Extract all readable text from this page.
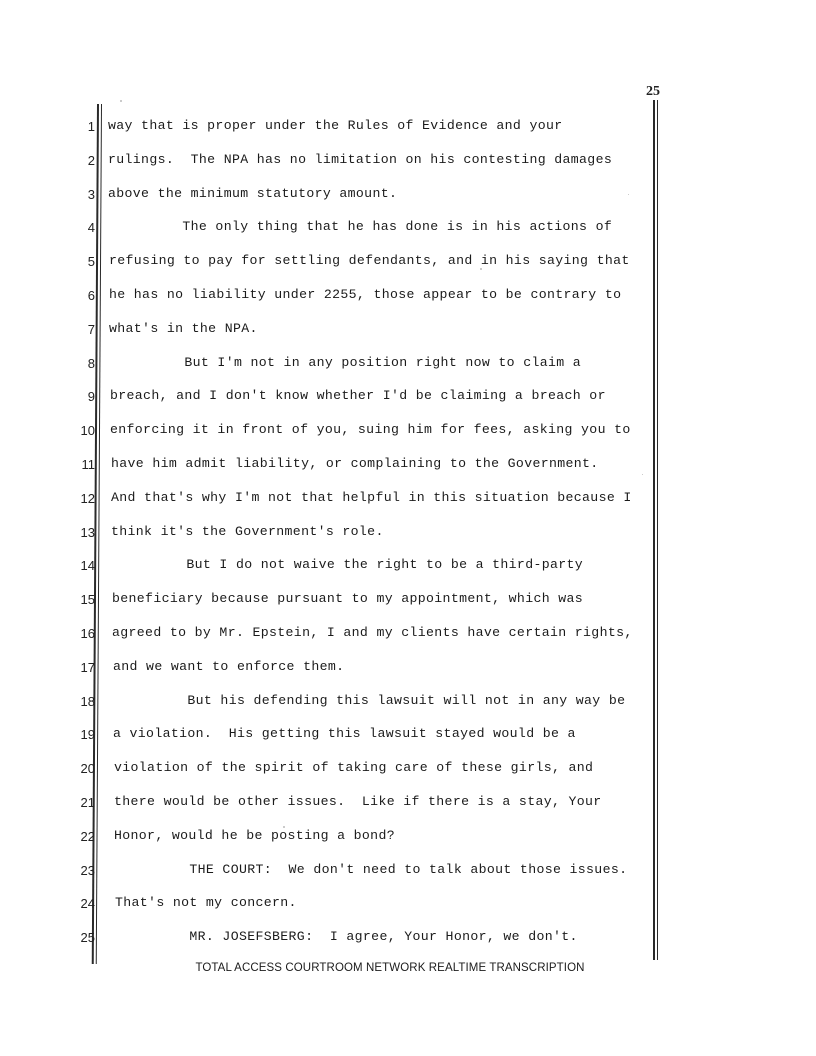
25
1 way that is proper under the Rules of Evidence and your
2 rulings.  The NPA has no limitation on his contesting damages
3 above the minimum statutory amount.
4 The only thing that he has done is in his actions of
5 refusing to pay for settling defendants, and in his saying that
6 he has no liability under 2255, those appear to be contrary to
7 what's in the NPA.
8 But I'm not in any position right now to claim a
9 breach, and I don't know whether I'd be claiming a breach or
10 enforcing it in front of you, suing him for fees, asking you to
11 have him admit liability, or complaining to the Government.
12 And that's why I'm not that helpful in this situation because I
13 think it's the Government's role.
14 But I do not waive the right to be a third-party
15 beneficiary because pursuant to my appointment, which was
16 agreed to by Mr. Epstein, I and my clients have certain rights,
17 and we want to enforce them.
18 But his defending this lawsuit will not in any way be
19 a violation.  His getting this lawsuit stayed would be a
20 violation of the spirit of taking care of these girls, and
21 there would be other issues.  Like if there is a stay, Your
22 Honor, would he be posting a bond?
23 THE COURT:  We don't need to talk about those issues.
24 That's not my concern.
25 MR. JOSEFSBERG:  I agree, Your Honor, we don't.
TOTAL ACCESS COURTROOM NETWORK REALTIME TRANSCRIPTION
